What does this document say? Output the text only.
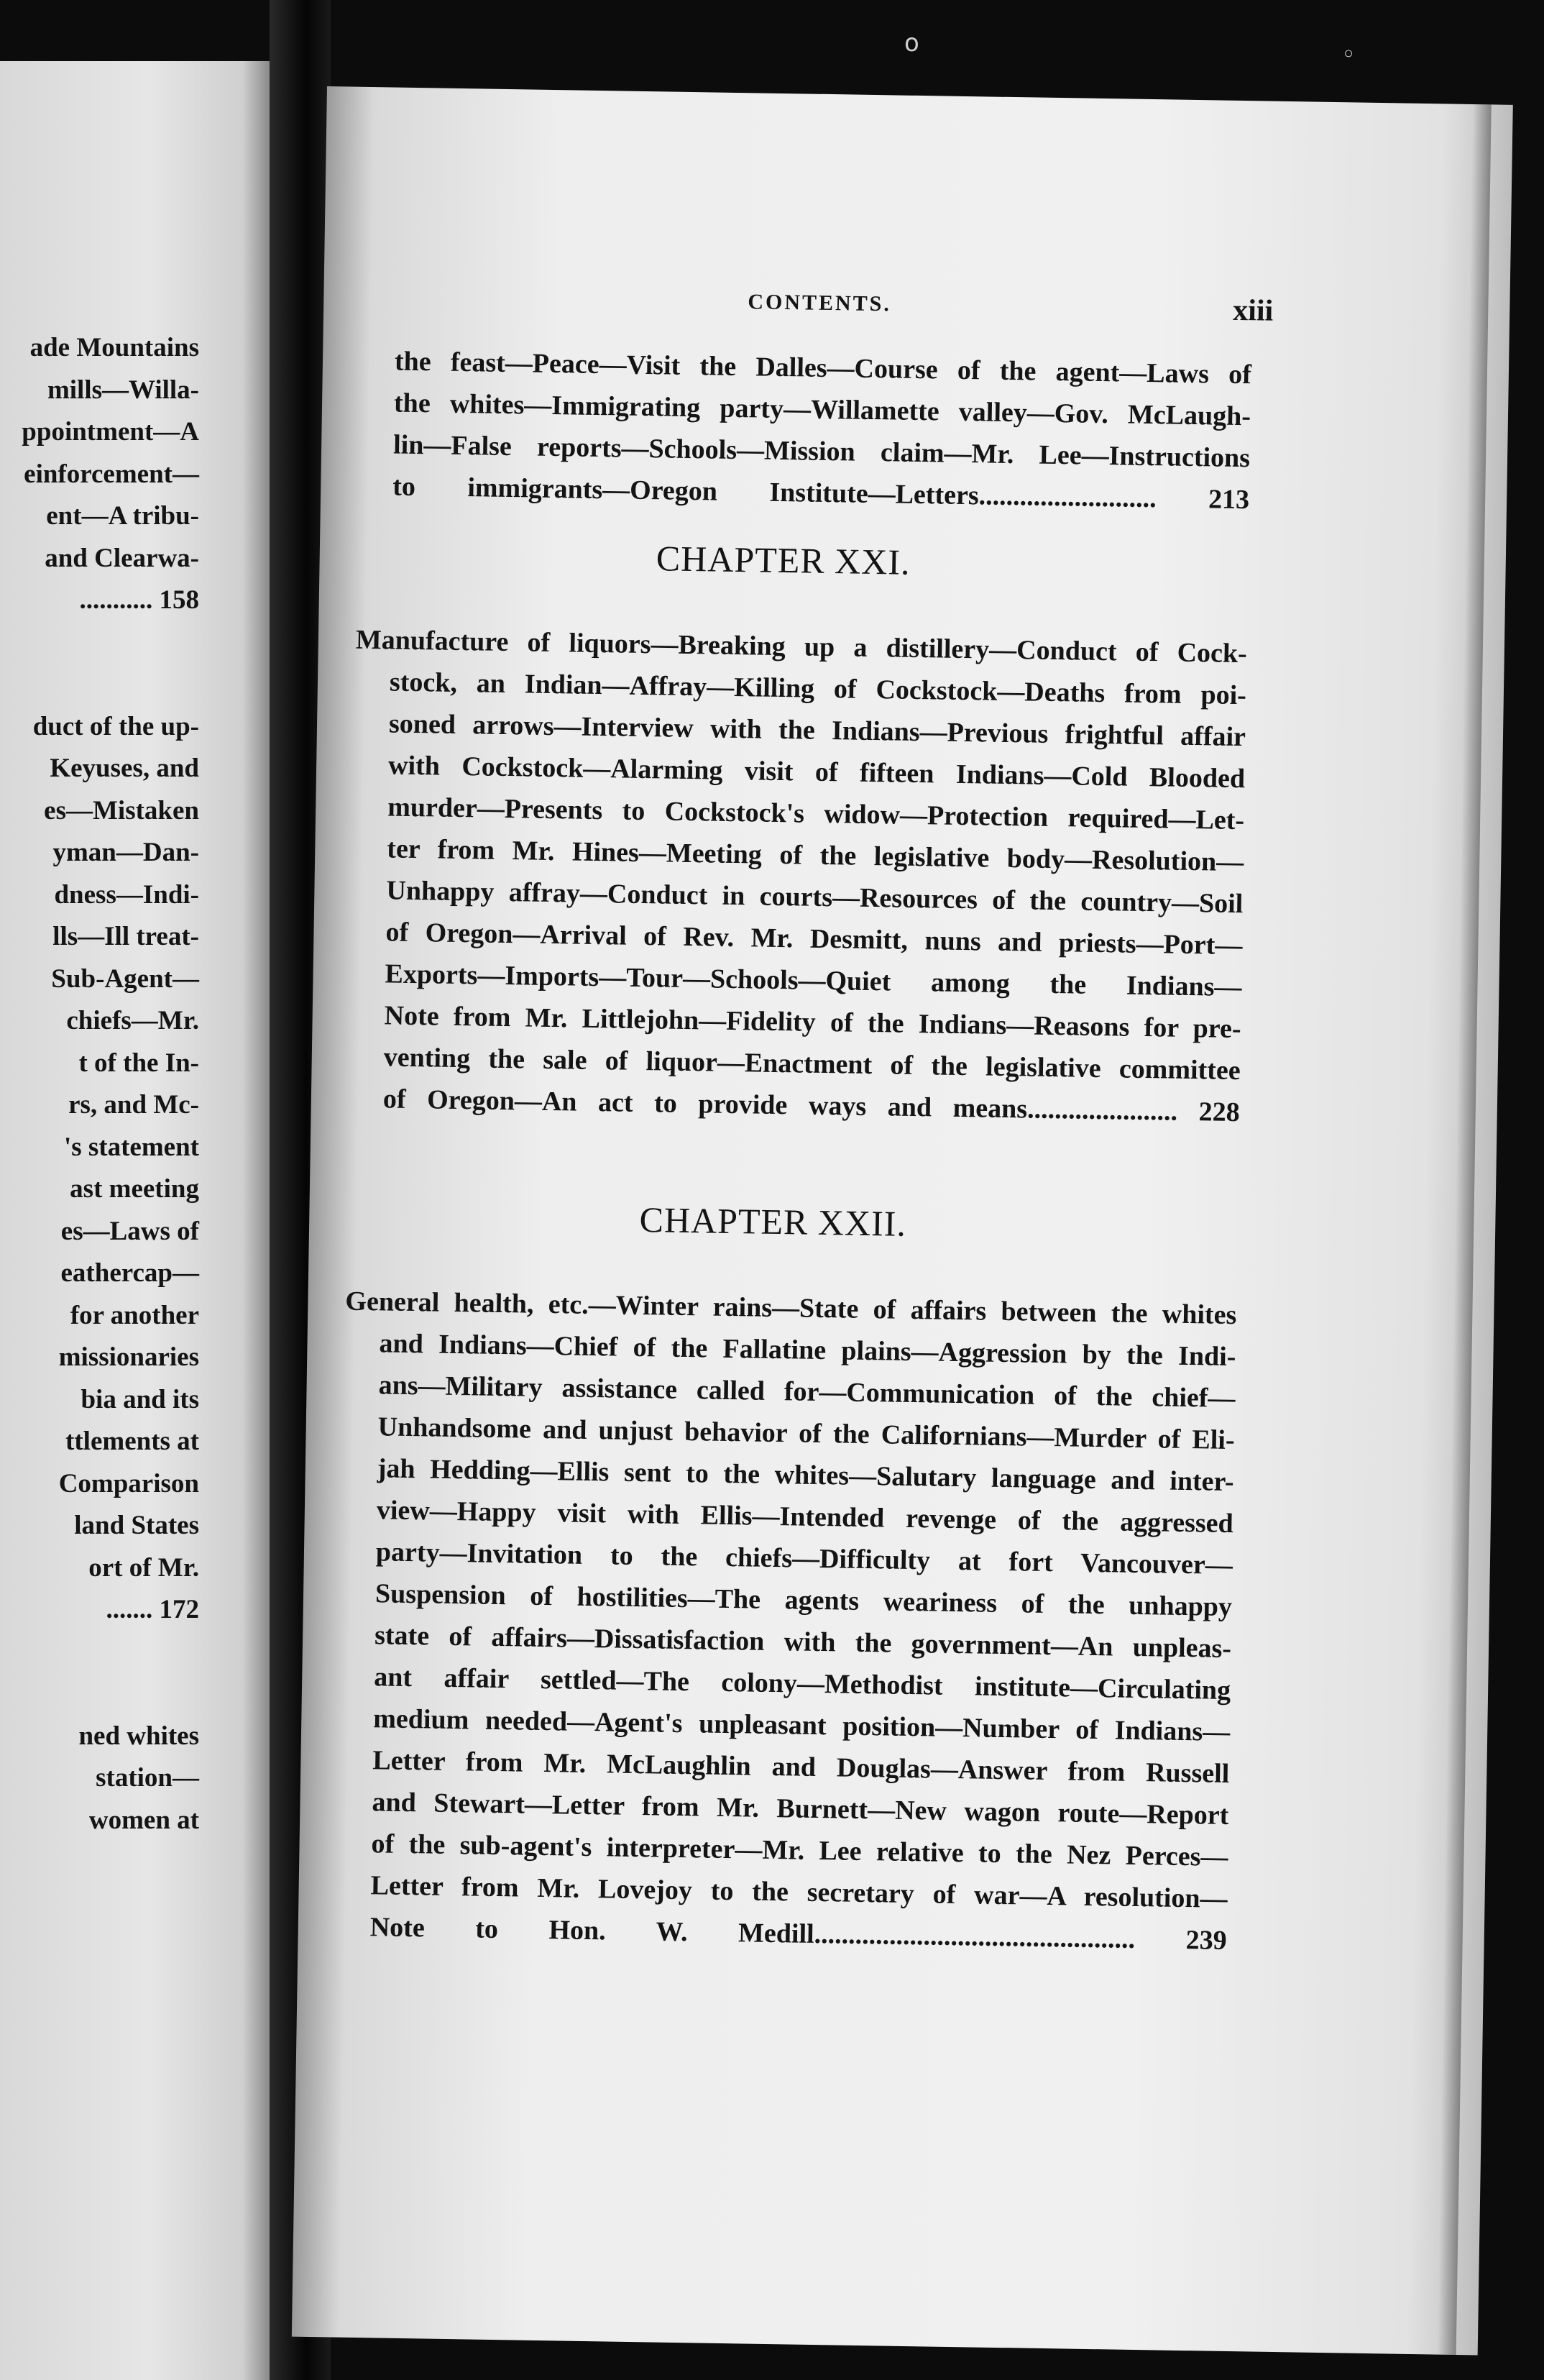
ade Mountains
mills—Willa-
ppointment—A
einforcement—
ent—A tribu-
and Clearwa-
........... 158
duct of the up-
Keyuses, and
es—Mistaken
yman—Dan-
dness—Indi-
lls—Ill treat-
Sub-Agent—
chiefs—Mr.
t of the In-
rs, and Mc-
's statement
ast meeting
es—Laws of
eathercap—
for another
missionaries
bia and its
ttlements at
Comparison
land States
ort of Mr.
....... 172
ned whites
station—
women at
CONTENTS.	xiii
the feast—Peace—Visit the Dalles—Course of the agent—Laws of
the whites—Immigrating party—Willamette valley—Gov. McLaugh-
lin—False reports—Schools—Mission claim—Mr. Lee—Instructions
to immigrants—Oregon Institute—Letters.......................... 213
CHAPTER XXI.
Manufacture of liquors—Breaking up a distillery—Conduct of Cock-
stock, an Indian—Affray—Killing of Cockstock—Deaths from poi-
soned arrows—Interview with the Indians—Previous frightful affair
with Cockstock—Alarming visit of fifteen Indians—Cold Blooded
murder—Presents to Cockstock's widow—Protection required—Let-
ter from Mr. Hines—Meeting of the legislative body—Resolution—
Unhappy affray—Conduct in courts—Resources of the country—Soil
of Oregon—Arrival of Rev. Mr. Desmitt, nuns and priests—Port—
Exports—Imports—Tour—Schools—Quiet among the Indians—
Note from Mr. Littlejohn—Fidelity of the Indians—Reasons for pre-
venting the sale of liquor—Enactment of the legislative committee
of Oregon—An act to provide ways and means...................... 228
CHAPTER XXII.
General health, etc.—Winter rains—State of affairs between the whites
and Indians—Chief of the Fallatine plains—Aggression by the Indi-
ans—Military assistance called for—Communication of the chief—
Unhandsome and unjust behavior of the Californians—Murder of Eli-
jah Hedding—Ellis sent to the whites—Salutary language and inter-
view—Happy visit with Ellis—Intended revenge of the aggressed
party—Invitation to the chiefs—Difficulty at fort Vancouver—
Suspension of hostilities—The agents weariness of the unhappy
state of affairs—Dissatisfaction with the government—An unpleas-
ant affair settled—The colony—Methodist institute—Circulating
medium needed—Agent's unpleasant position—Number of Indians—
Letter from Mr. McLaughlin and Douglas—Answer from Russell
and Stewart—Letter from Mr. Burnett—New wagon route—Report
of the sub-agent's interpreter—Mr. Lee relative to the Nez Perces—
Letter from Mr. Lovejoy to the secretary of war—A resolution—
Note to Hon. W. Medill............................................... 239
o	◦
